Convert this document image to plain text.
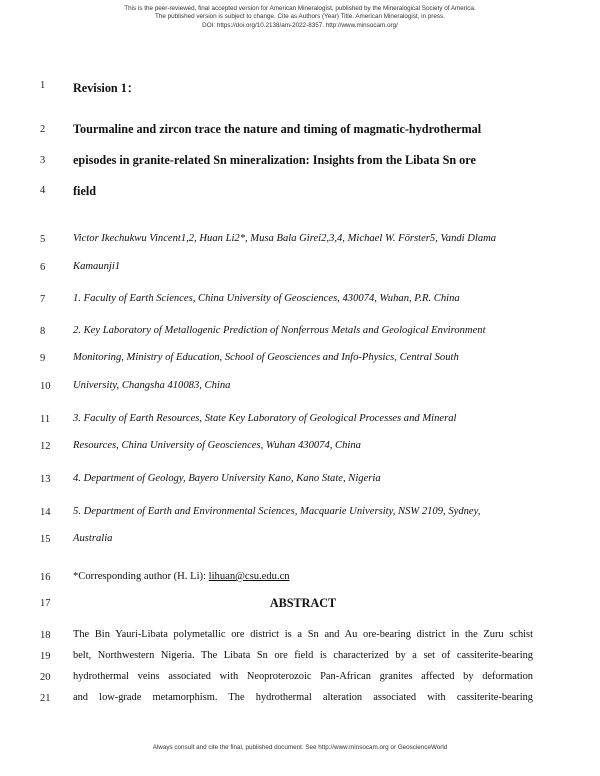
This is the peer-reviewed, final accepted version for American Mineralogist, published by the Mineralogical Society of America.
The published version is subject to change. Cite as Authors (Year) Title. American Mineralogist, in press.
DOI: https://doi.org/10.2138/am-2022-8357. http://www.minsocam.org/
1
2
3
4
5
6
7
8
9
10
11
12
13
14
15
16
17
18
19
20
21
Revision 1：
Tourmaline and zircon trace the nature and timing of magmatic-hydrothermal
episodes in granite-related Sn mineralization: Insights from the Libata Sn ore
field
Victor Ikechukwu Vincent1,2, Huan Li2*, Musa Bala Girei2,3,4, Michael W. Förster5, Vandi Dlama
Kamaunji1
1. Faculty of Earth Sciences, China University of Geosciences, 430074, Wuhan, P.R. China
2. Key Laboratory of Metallogenic Prediction of Nonferrous Metals and Geological Environment
Monitoring, Ministry of Education, School of Geosciences and Info-Physics, Central South
University, Changsha 410083, China
3. Faculty of Earth Resources, State Key Laboratory of Geological Processes and Mineral
Resources, China University of Geosciences, Wuhan 430074, China
4. Department of Geology, Bayero University Kano, Kano State, Nigeria
5. Department of Earth and Environmental Sciences, Macquarie University, NSW 2109, Sydney,
Australia
*Corresponding author (H. Li): lihuan@csu.edu.cn
ABSTRACT
The Bin Yauri-Libata polymetallic ore district is a Sn and Au ore-bearing district in the Zuru schist
belt, Northwestern Nigeria. The Libata Sn ore field is characterized by a set of cassiterite-bearing
hydrothermal veins associated with Neoproterozoic Pan-African granites affected by deformation
and low-grade metamorphism. The hydrothermal alteration associated with cassiterite-bearing
Always consult and cite the final, published document. See http://www.minsocam.org or GeoscienceWorld
